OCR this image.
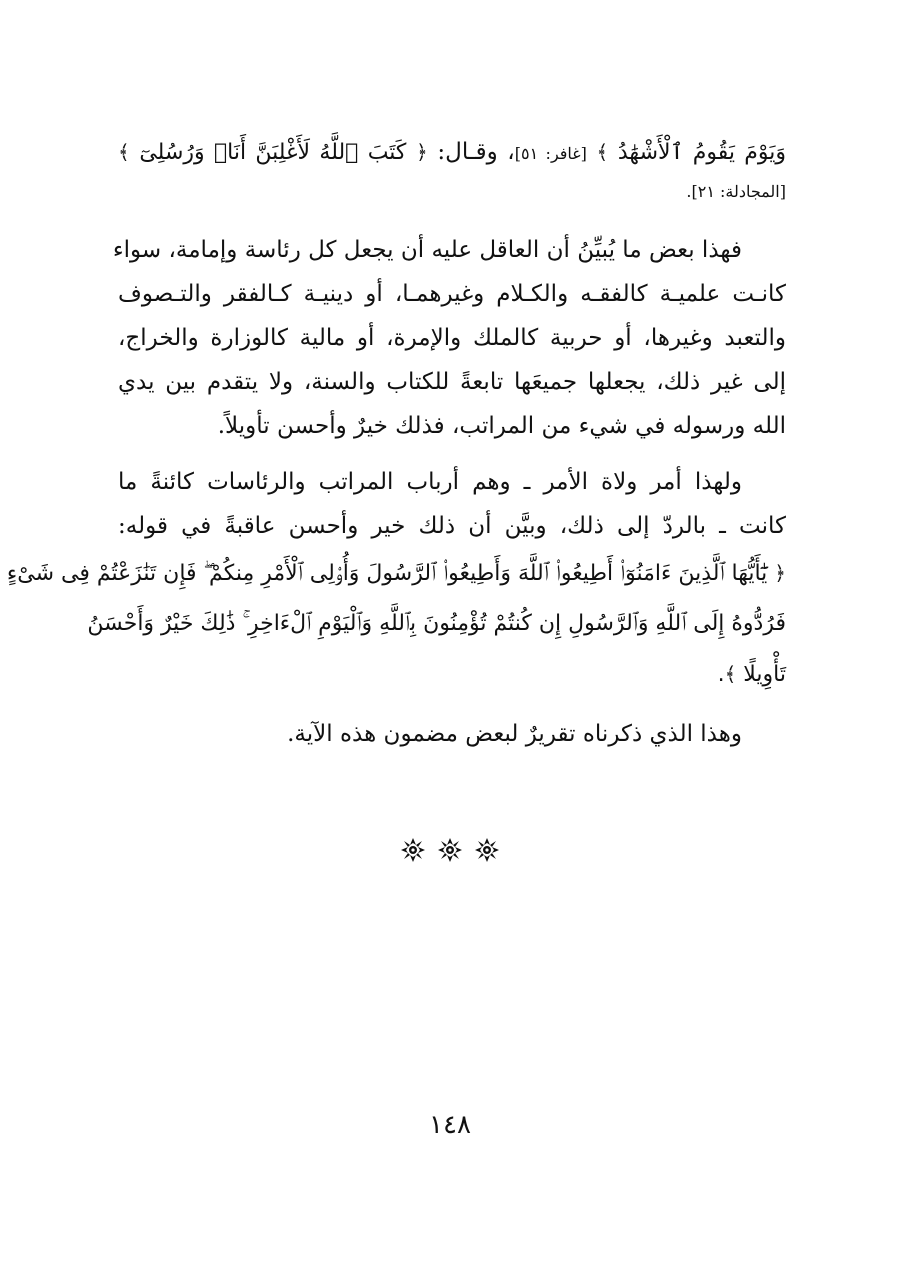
وَيَوْمَ يَقُومُ ٱلْأَشْهَٰدُ ﴾ [غافر: ٥١]، وقـال: ﴿ كَتَبَ ٱللَّهُ لَأَغْلِبَنَّ أَنَا۠ وَرُسُلِىٓ ﴾
[المجادلة: ٢١].
فهذا بعض ما يُبيِّنُ أن العاقل عليه أن يجعل كل رئاسة وإمامة، سواء
كانـت علميـة كالفقـه والكـلام وغيرهمـا، أو دينيـة كـالفقر والتـصوف
والتعبد وغيرها، أو حربية كالملك والإمرة، أو مالية كالوزارة والخراج،
إلى غير ذلك، يجعلها جميعَها تابعةً للكتاب والسنة، ولا يتقدم بين يدي
الله ورسوله في شيء من المراتب، فذلك خيرٌ وأحسن تأويلاً.
ولهذا أمر ولاة الأمر ـ وهم أرباب المراتب والرئاسات كائنةً ما
كانت ـ بالردّ إلى ذلك، وبيَّن أن ذلك خير وأحسن عاقبةً في قوله:
﴿ يَٰٓأَيُّهَا ٱلَّذِينَ ءَامَنُوٓا۟ أَطِيعُوا۟ ٱللَّهَ وَأَطِيعُوا۟ ٱلرَّسُولَ وَأُو۟لِى ٱلْأَمْرِ مِنكُمْ ۖ فَإِن تَنَٰزَعْتُمْ فِى شَىْءٍ
فَرُدُّوهُ إِلَى ٱللَّهِ وَٱلرَّسُولِ إِن كُنتُمْ تُؤْمِنُونَ بِٱللَّهِ وَٱلْيَوْمِ ٱلْءَاخِرِ ۚ ذَٰلِكَ خَيْرٌ وَأَحْسَنُ
تَأْوِيلًا ﴾.
وهذا الذي ذكرناه تقريرٌ لبعض مضمون هذه الآية.
١٤٨
